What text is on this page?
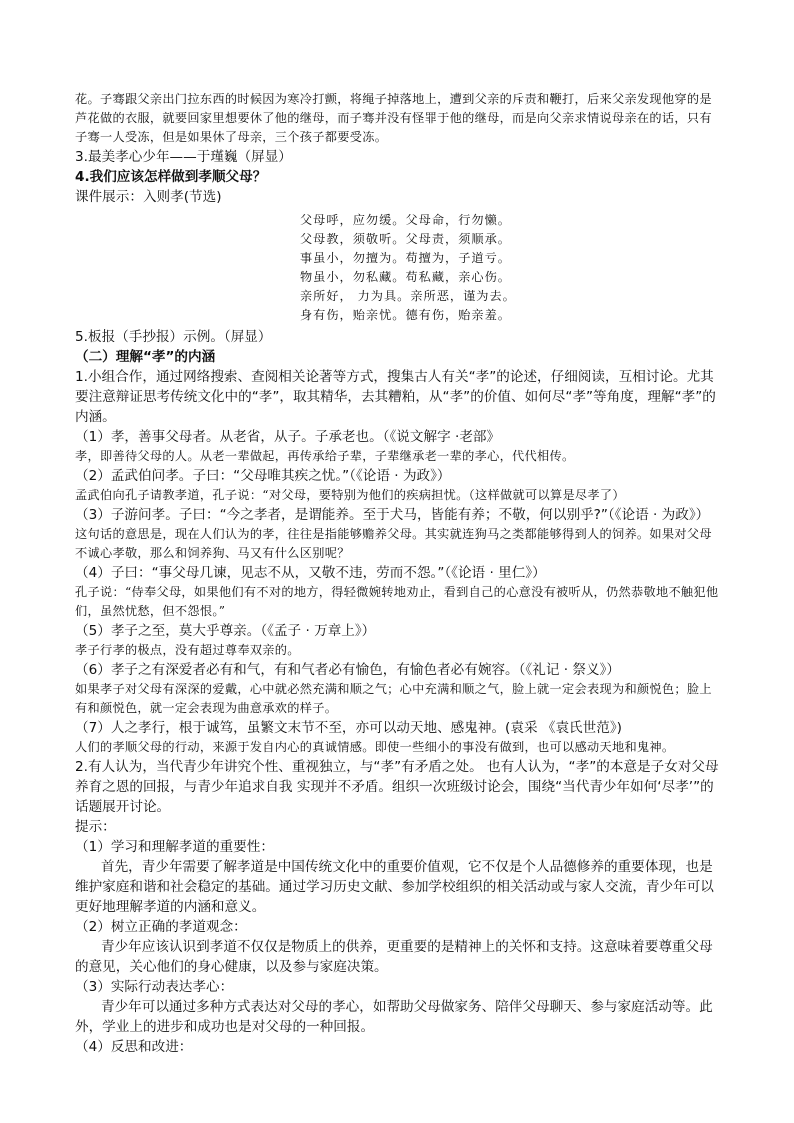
花。子骞跟父亲出门拉东西的时候因为寒冷打颤，将绳子掉落地上，遭到父亲的斥责和鞭打，后来父亲发现他穿的是芦花做的衣服，就要回家里想要休了他的继母，而子骞并没有怪罪于他的继母，而是向父亲求情说母亲在的话，只有子骞一人受冻，但是如果休了母亲，三个孩子都要受冻。

3.最美孝心少年——于瑾巍（屏显）

4.我们应该怎样做到孝顺父母？

课件展示：入则孝(节选)

父母呼，应勿缓。父母命，行勿懒。

父母教，须敬听。父母责，须顺承。

事虽小，勿擅为。苟擅为，子道亏。

物虽小，勿私藏。苟私藏，亲心伤。

亲所好， 力为具。亲所恶，谨为去。

身有伤，贻亲忧。德有伤，贻亲羞。

5.板报（手抄报）示例。（屏显）

（二）理解“孝”的内涵

1.小组合作，通过网络搜索、查阅相关论著等方式，搜集古人有关“孝”的论述，仔细阅读，互相讨论。尤其要注意辩证思考传统文化中的“孝”，取其精华，去其糟粕，从“孝”的价值、如何尽“孝”等角度，理解“孝”的内涵。

（1）孝，善事父母者。从老省，从子。子承老也。（《说文解字 ·老部》

孝，即善待父母的人。从老一辈做起，再传承给子辈，子辈继承老一辈的孝心，代代相传。

（2）孟武伯问孝。子曰：“父母唯其疾之忧。”（《论语 · 为政》）

孟武伯向孔子请教孝道，孔子说：“对父母，要特别为他们的疾病担忧。（这样做就可以算是尽孝了）

（3）子游问孝。子曰：“今之孝者，是谓能养。至于犬马，皆能有养；不敬，何以别乎?”（《论语 · 为政》）

这句话的意思是，现在人们认为的孝，往往是指能够赡养父母。其实就连狗马之类都能够得到人的饲养。如果对父母不诚心孝敬，那么和饲养狗、马又有什么区别呢？

（4）子曰：“事父母几谏，见志不从，又敬不违，劳而不怨。”（《论语 · 里仁》）

孔子说：“侍奉父母，如果他们有不对的地方，得轻微婉转地劝止，看到自己的心意没有被听从，仍然恭敬地不触犯他们，虽然忧愁，但不怨恨。”

（5）孝子之至，莫大乎尊亲。（《孟子 · 万章上》）

孝子行孝的极点，没有超过尊奉双亲的。

（6）孝子之有深爱者必有和气，有和气者必有愉色，有愉色者必有婉容。（《礼记 · 祭义》）

如果孝子对父母有深深的爱戴，心中就必然充满和顺之气；心中充满和顺之气，脸上就一定会表现为和颜悦色；脸上有和颜悦色，就一定会表现为曲意承欢的样子。

（7）人之孝行，根于诚笃，虽繁文末节不至，亦可以动天地、感鬼神。(袁采 《袁氏世范》)

人们的孝顺父母的行动，来源于发自内心的真诚情感。即使一些细小的事没有做到，也可以感动天地和鬼神。

2.有人认为，当代青少年讲究个性、重视独立，与“孝”有矛盾之处。 也有人认为，“孝”的本意是子女对父母养育之恩的回报，与青少年追求自我 实现并不矛盾。组织一次班级讨论会，围绕“当代青少年如何‘尽孝’”的话题展开讨论。

提示：

（1）学习和理解孝道的重要性：

首先，青少年需要了解孝道是中国传统文化中的重要价值观，它不仅是个人品德修养的重要体现，也是维护家庭和谐和社会稳定的基础。通过学习历史文献、参加学校组织的相关活动或与家人交流，青少年可以更好地理解孝道的内涵和意义。

（2）树立正确的孝道观念：

青少年应该认识到孝道不仅仅是物质上的供养，更重要的是精神上的关怀和支持。这意味着要尊重父母的意见，关心他们的身心健康，以及参与家庭决策。

（3）实际行动表达孝心：

青少年可以通过多种方式表达对父母的孝心，如帮助父母做家务、陪伴父母聊天、参与家庭活动等。此外，学业上的进步和成功也是对父母的一种回报。

（4）反思和改进：
